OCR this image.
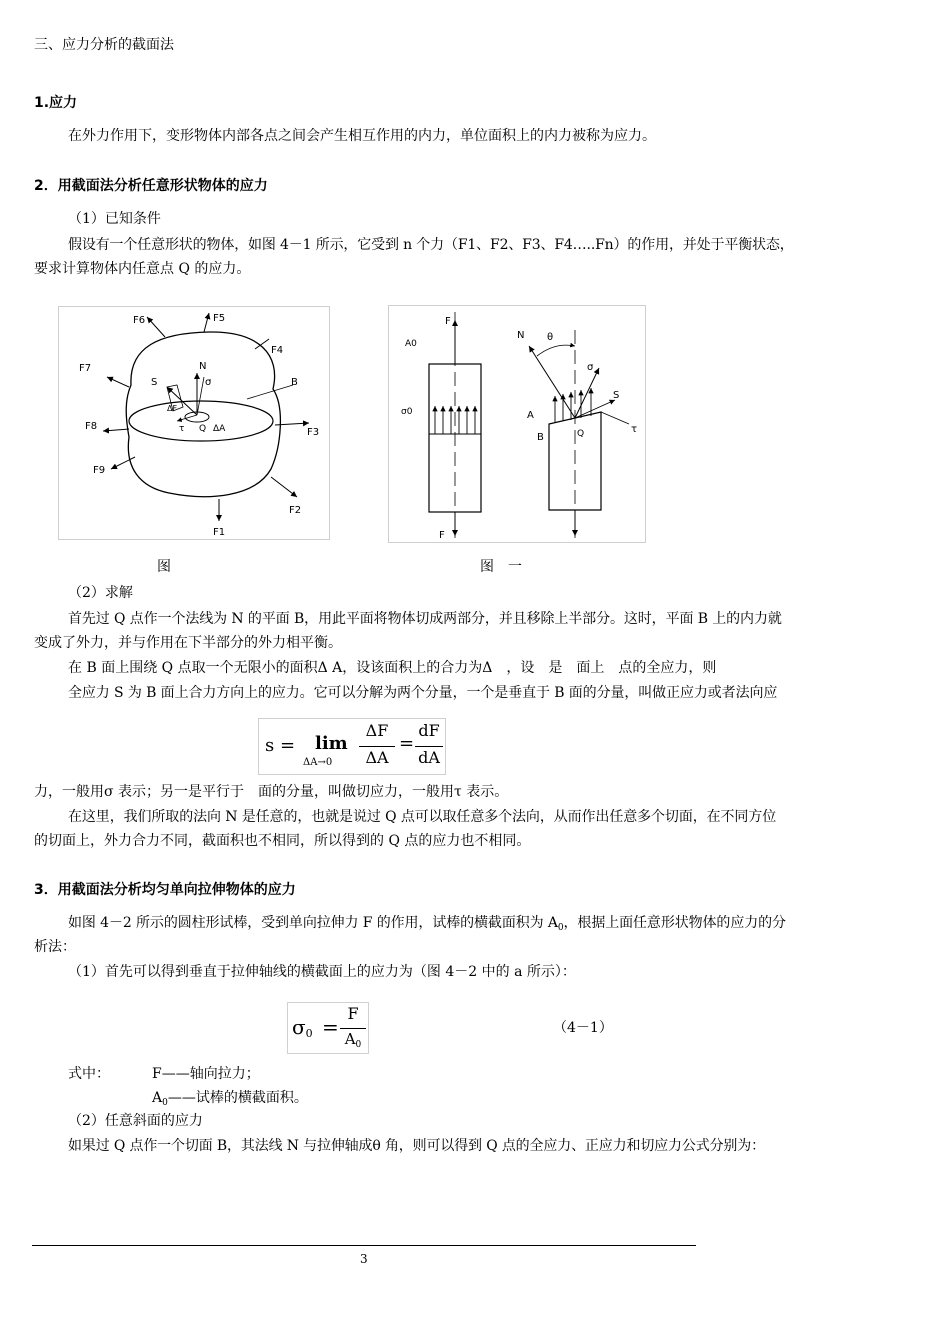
三、应力分析的截面法
1.应力
在外力作用下，变形物体内部各点之间会产生相互作用的内力，单位面积上的内力被称为应力。
2．用截面法分析任意形状物体的应力
（1）已知条件
假设有一个任意形状的物体，如图 4－1 所示，它受到 n 个力（F1、F2、F3、F4…..Fn）的作用，并处于平衡状态，
要求计算物体内任意点 Q 的应力。
F6	F5
F4
F7
F8
F9
F3
F2
F1
N
S	σ	B
ΔF
τ Q ΔA
F
F
A0
σ0
N θ
σ
S
A
B	Q	τ
图	图　一
（2）求解
首先过 Q 点作一个法线为 N 的平面 B，用此平面将物体切成两部分，并且移除上半部分。这时，平面 B 上的内力就
变成了外力，并与作用在下半部分的外力相平衡。
在 B 面上围绕 Q 点取一个无限小的面积Δ A，设该面积上的合力为Δ　，设　是　面上　点的全应力，则
全应力 S 为 B 面上合力方向上的应力。它可以分解为两个分量，一个是垂直于 B 面的分量，叫做正应力或者法向应
s = lim
ΔA→0
ΔF
ΔA
=
dF
dA
力，一般用σ 表示；另一是平行于　面的分量，叫做切应力，一般用τ 表示。
在这里，我们所取的法向 N 是任意的，也就是说过 Q 点可以取任意多个法向，从而作出任意多个切面，在不同方位
的切面上，外力合力不同，截面积也不相同，所以得到的 Q 点的应力也不相同。
3．用截面法分析均匀单向拉伸物体的应力
如图 4－2 所示的圆柱形试棒，受到单向拉伸力 F 的作用，试棒的横截面积为 $A_0$，根据上面任意形状物体的应力的分
析法：
（1）首先可以得到垂直于拉伸轴线的横截面上的应力为（图 4－2 中的 a 所示）：
$\sigma_0$ =
F
$A_0$
（4－1）
式中：	F——轴向拉力；
$A_0——$试棒的横截面积。
（2）任意斜面的应力
如果过 Q 点作一个切面 B，其法线 N 与拉伸轴成θ 角，则可以得到 Q 点的全应力、正应力和切应力公式分别为：
3
